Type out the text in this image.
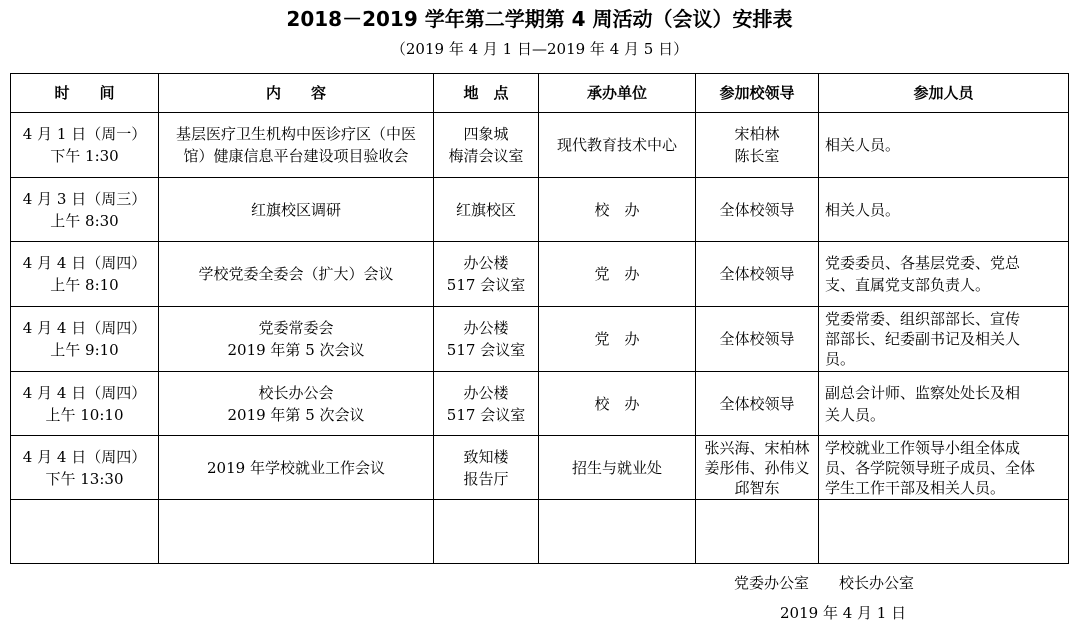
2018－2019 学年第二学期第 4 周活动（会议）安排表
（2019 年 4 月 1 日—2019 年 4 月 5 日）
时　　间	内　　容	地　点	承办单位	参加校领导	参加人员

4 月 1 日（周一）
下午 1:30	基层医疗卫生机构中医诊疗区（中医
馆）健康信息平台建设项目验收会	四象城
梅清会议室	现代教育技术中心	宋柏林
陈长室	相关人员。

4 月 3 日（周三）
上午 8:30	红旗校区调研	红旗校区	校　办	全体校领导	相关人员。

4 月 4 日（周四）
上午 8:10	学校党委全委会（扩大）会议	办公楼
517 会议室	党　办	全体校领导	党委委员、各基层党委、党总
支、直属党支部负责人。

4 月 4 日（周四）
上午 9:10	党委常委会
2019 年第 5 次会议	办公楼
517 会议室	党　办	全体校领导	党委常委、组织部部长、宣传
部部长、纪委副书记及相关人
员。

4 月 4 日（周四）
上午 10:10	校长办公会
2019 年第 5 次会议	办公楼
517 会议室	校　办	全体校领导	副总会计师、监察处处长及相
关人员。

4 月 4 日（周四）
下午 13:30	2019 年学校就业工作会议	致知楼
报告厅	招生与就业处	张兴海、宋柏林
姜彤伟、孙伟义
邱智东	学校就业工作领导小组全体成
员、各学院领导班子成员、全体
学生工作干部及相关人员。

党委办公室　　校长办公室
2019 年 4 月 1 日
